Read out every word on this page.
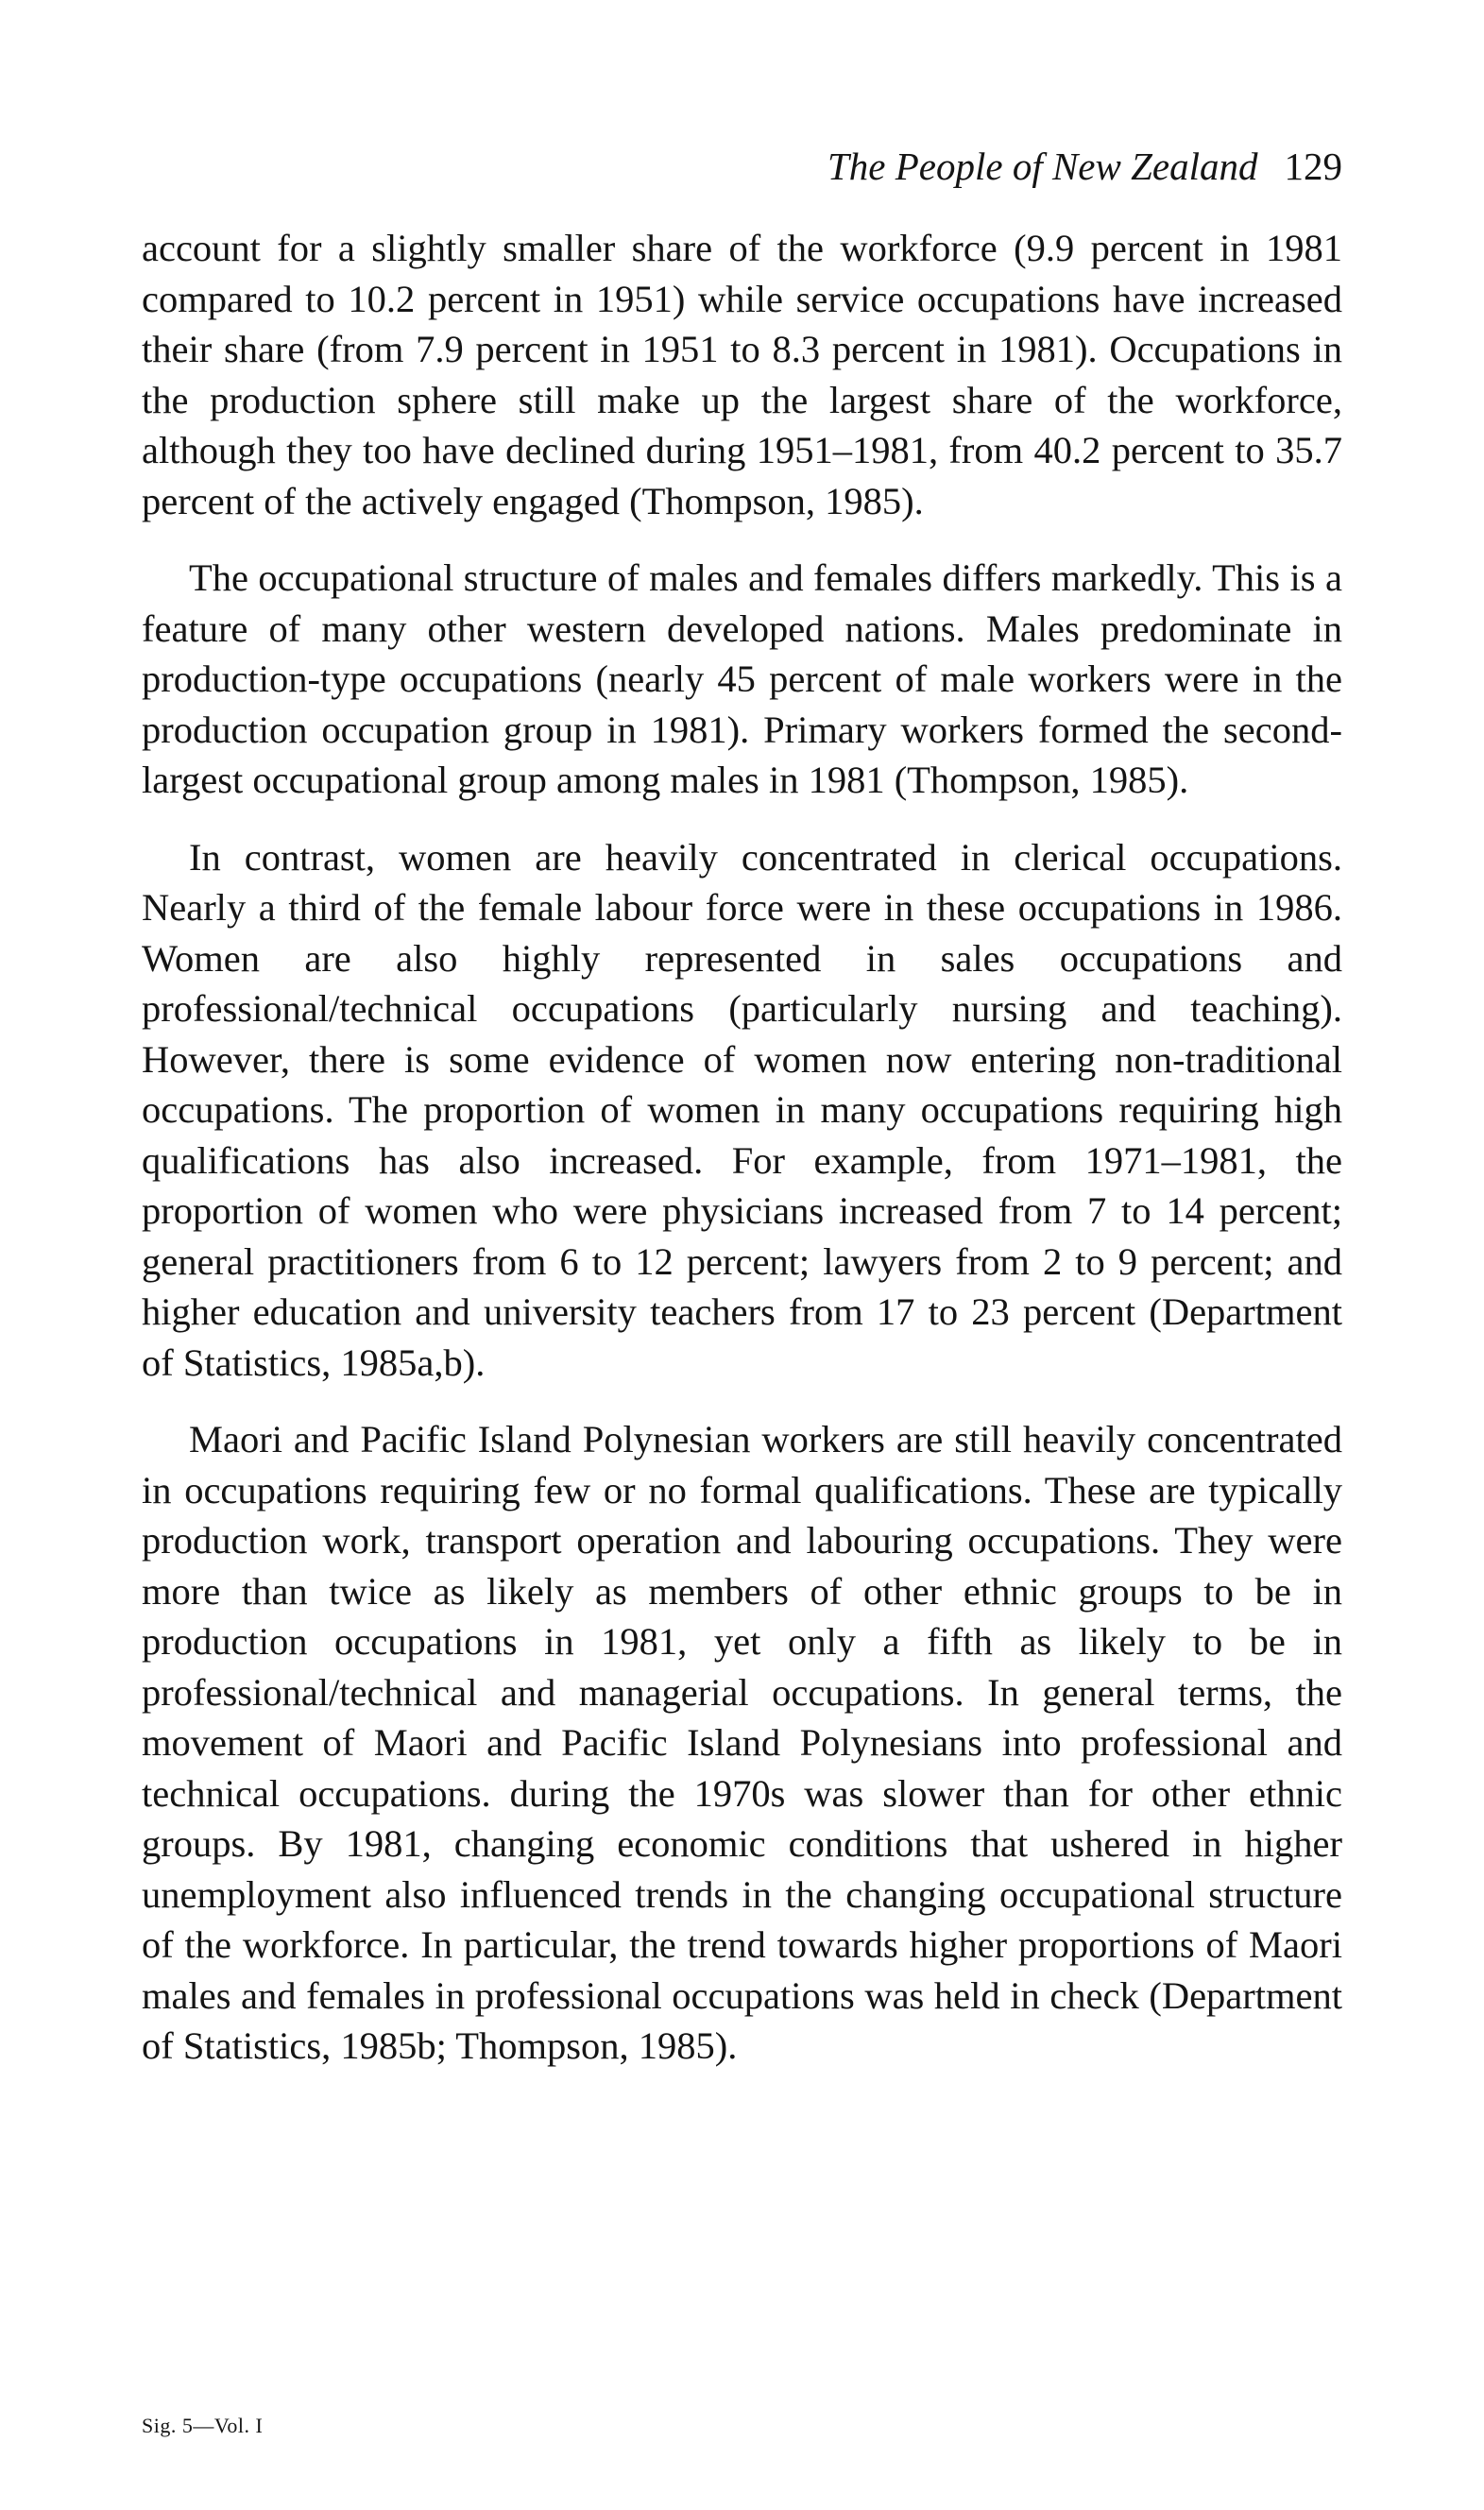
The People of New Zealand 129

account for a slightly smaller share of the workforce (9.9 percent in 1981 compared to 10.2 percent in 1951) while service occupations have increased their share (from 7.9 percent in 1951 to 8.3 percent in 1981). Occupations in the production sphere still make up the largest share of the workforce, although they too have declined during 1951–1981, from 40.2 percent to 35.7 percent of the actively engaged (Thompson, 1985).

The occupational structure of males and females differs markedly. This is a feature of many other western developed nations. Males predominate in production-type occupations (nearly 45 percent of male workers were in the production occupation group in 1981). Primary workers formed the second-largest occupational group among males in 1981 (Thompson, 1985).

In contrast, women are heavily concentrated in clerical occupations. Nearly a third of the female labour force were in these occupations in 1986. Women are also highly represented in sales occupations and professional/technical occupations (particularly nursing and teaching). However, there is some evidence of women now entering non-traditional occupations. The proportion of women in many occupations requiring high qualifications has also increased. For example, from 1971–1981, the proportion of women who were physicians increased from 7 to 14 percent; general practitioners from 6 to 12 percent; lawyers from 2 to 9 percent; and higher education and university teachers from 17 to 23 percent (Department of Statistics, 1985a,b).

Maori and Pacific Island Polynesian workers are still heavily concentrated in occupations requiring few or no formal qualifications. These are typically production work, transport operation and labouring occupations. They were more than twice as likely as members of other ethnic groups to be in production occupations in 1981, yet only a fifth as likely to be in professional/technical and managerial occupations. In general terms, the movement of Maori and Pacific Island Polynesians into professional and technical occupations. during the 1970s was slower than for other ethnic groups. By 1981, changing economic conditions that ushered in higher unemployment also influenced trends in the changing occupational structure of the workforce. In particular, the trend towards higher proportions of Maori males and females in professional occupations was held in check (Department of Statistics, 1985b; Thompson, 1985).

Sig. 5—Vol. I
